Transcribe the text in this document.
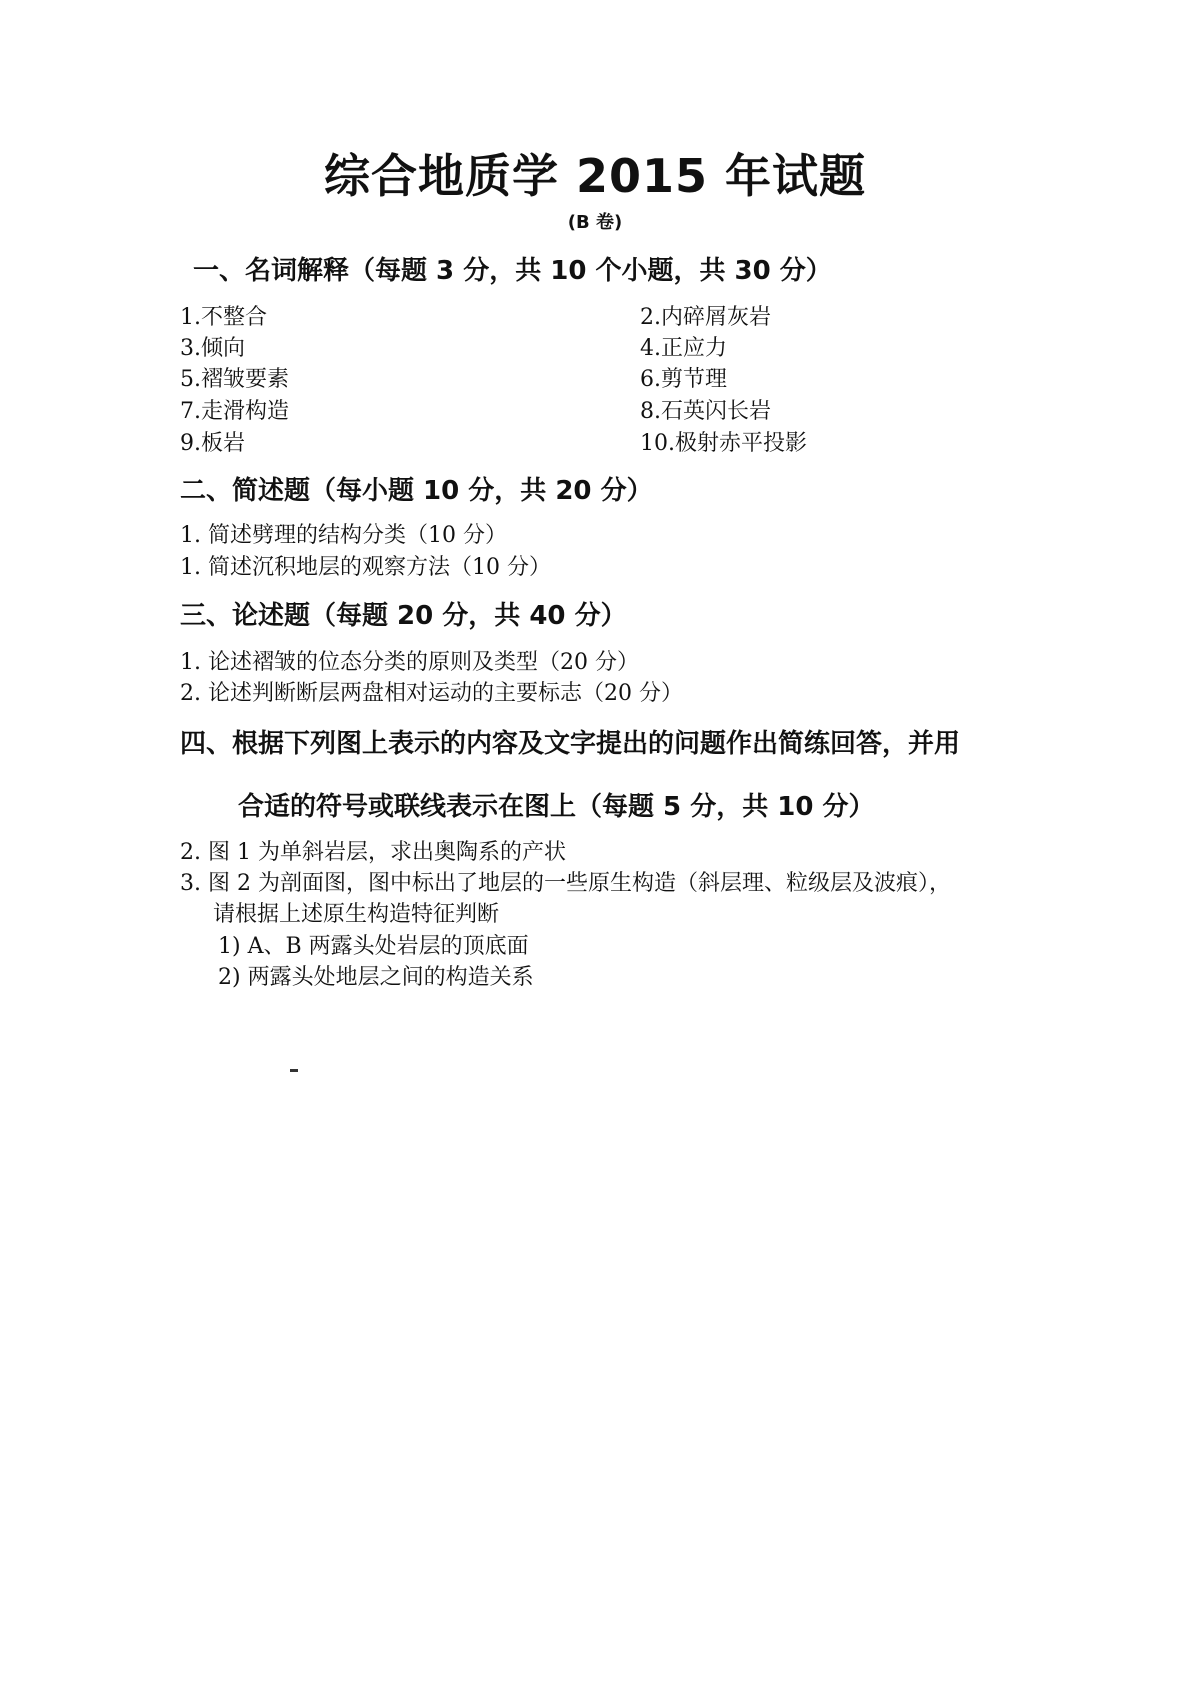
综合地质学 2015 年试题
(B 卷)
一、名词解释（每题 3 分，共 10 个小题，共 30 分）
1.不整合
3.倾向
5.褶皱要素
7.走滑构造
9.板岩
2.内碎屑灰岩
4.正应力
6.剪节理
8.石英闪长岩
10.极射赤平投影
二、简述题（每小题 10 分，共 20 分）
1. 简述劈理的结构分类（10 分）
1. 简述沉积地层的观察方法（10 分）
三、论述题（每题 20 分，共 40 分）
1. 论述褶皱的位态分类的原则及类型（20 分）
2. 论述判断断层两盘相对运动的主要标志（20 分）
四、根据下列图上表示的内容及文字提出的问题作出简练回答，并用
合适的符号或联线表示在图上（每题 5 分，共 10 分）
2. 图 1 为单斜岩层，求出奥陶系的产状
3. 图 2 为剖面图，图中标出了地层的一些原生构造（斜层理、粒级层及波痕），
请根据上述原生构造特征判断
1) A、B 两露头处岩层的顶底面
2) 两露头处地层之间的构造关系
